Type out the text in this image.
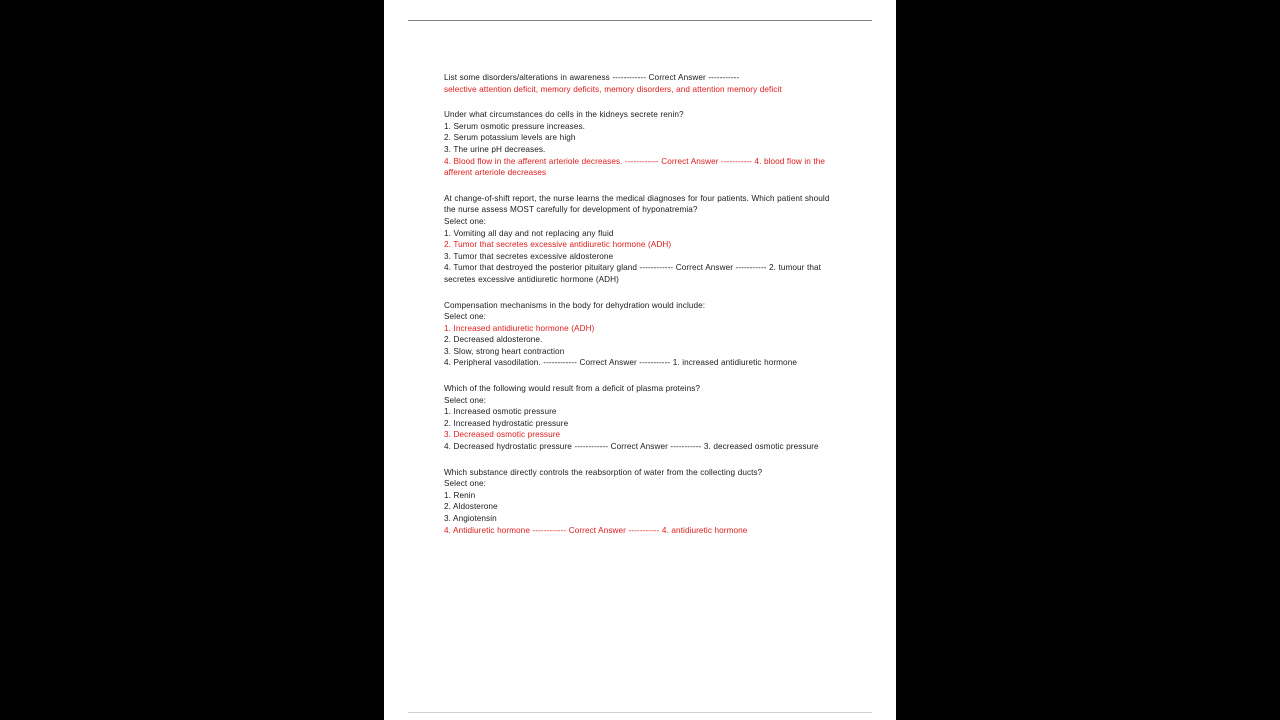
List some disorders/alterations in awareness ------------ Correct Answer -----------
selective attention deficit, memory deficits, memory disorders, and attention memory deficit
Under what circumstances do cells in the kidneys secrete renin?
1. Serum osmotic pressure increases.
2. Serum potassium levels are high
3. The urine pH decreases.
4. Blood flow in the afferent arteriole decreases. ------------ Correct Answer ----------- 4. blood flow in the afferent arteriole decreases
At change-of-shift report, the nurse learns the medical diagnoses for four patients. Which patient should the nurse assess MOST carefully for development of hyponatremia?
Select one:
1. Vomiting all day and not replacing any fluid
2. Tumor that secretes excessive antidiuretic hormone (ADH)
3. Tumor that secretes excessive aldosterone
4. Tumor that destroyed the posterior pituitary gland ------------ Correct Answer ----------- 2. tumour that secretes excessive antidiuretic hormone (ADH)
Compensation mechanisms in the body for dehydration would include:
Select one:
1. Increased antidiuretic hormone (ADH)
2. Decreased aldosterone.
3. Slow, strong heart contraction
4. Peripheral vasodilation. ------------ Correct Answer ----------- 1. increased antidiuretic hormone
Which of the following would result from a deficit of plasma proteins?
Select one:
1. Increased osmotic pressure
2. Increased hydrostatic pressure
3. Decreased osmotic pressure
4. Decreased hydrostatic pressure ------------ Correct Answer ----------- 3. decreased osmotic pressure
Which substance directly controls the reabsorption of water from the collecting ducts?
Select one:
1. Renin
2. Aldosterone
3. Angiotensin
4. Antidiuretic hormone ------------ Correct Answer ----------- 4. antidiuretic hormone
